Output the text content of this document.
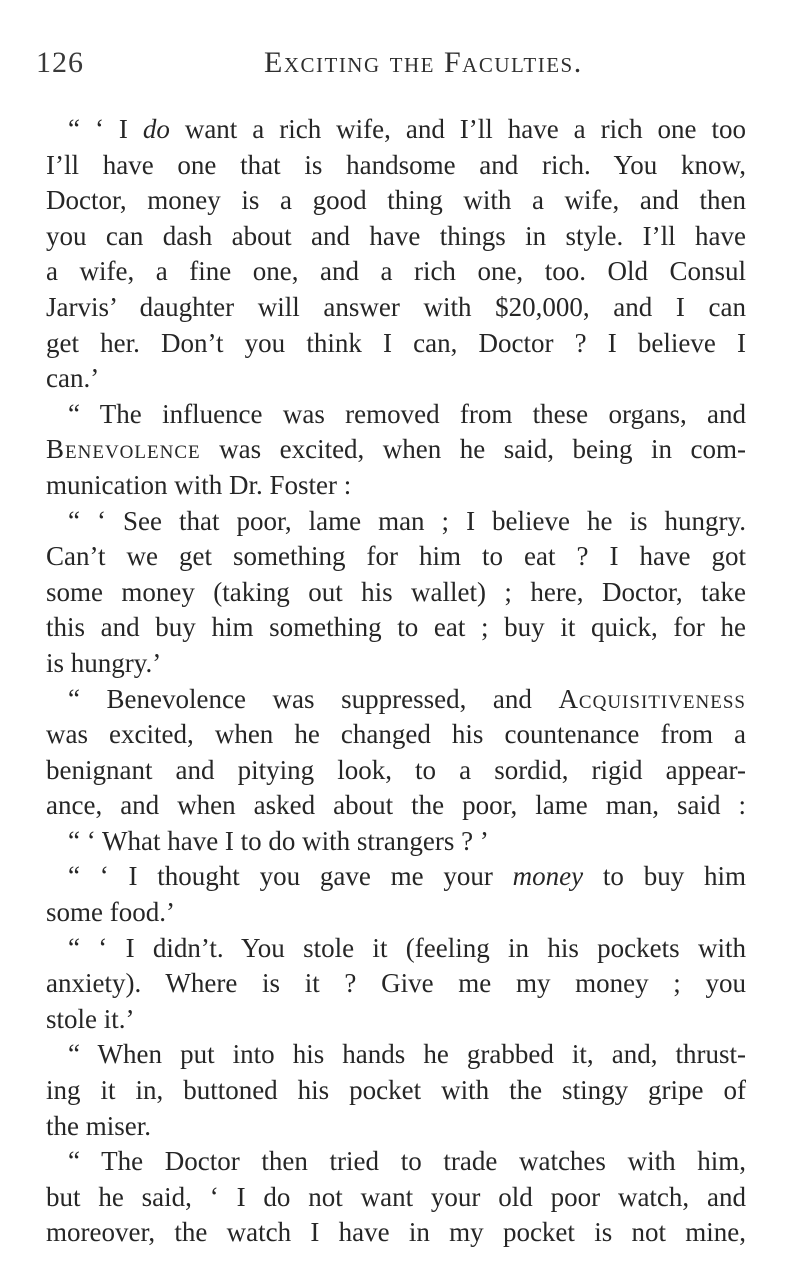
126	Exciting the Faculties.
“ ‘ I do want a rich wife, and I’ll have a rich one too
I’ll have one that is handsome and rich. You know,
Doctor, money is a good thing with a wife, and then
you can dash about and have things in style. I’ll have
a wife, a fine one, and a rich one, too. Old Consul
Jarvis’ daughter will answer with $20,000, and I can
get her. Don’t you think I can, Doctor ? I believe I
can.’
“ The influence was removed from these organs, and
Benevolence was excited, when he said, being in com-
munication with Dr. Foster :
“ ‘ See that poor, lame man ; I believe he is hungry.
Can’t we get something for him to eat ? I have got
some money (taking out his wallet) ; here, Doctor, take
this and buy him something to eat ; buy it quick, for he
is hungry.’
“ Benevolence was suppressed, and Acquisitiveness
was excited, when he changed his countenance from a
benignant and pitying look, to a sordid, rigid appear-
ance, and when asked about the poor, lame man, said :
“ ‘ What have I to do with strangers ? ’
“ ‘ I thought you gave me your money to buy him
some food.’
“ ‘ I didn’t. You stole it (feeling in his pockets with
anxiety). Where is it ? Give me my money ; you
stole it.’
“ When put into his hands he grabbed it, and, thrust-
ing it in, buttoned his pocket with the stingy gripe of
the miser.
“ The Doctor then tried to trade watches with him,
but he said, ‘ I do not want your old poor watch, and
moreover, the watch I have in my pocket is not mine,
